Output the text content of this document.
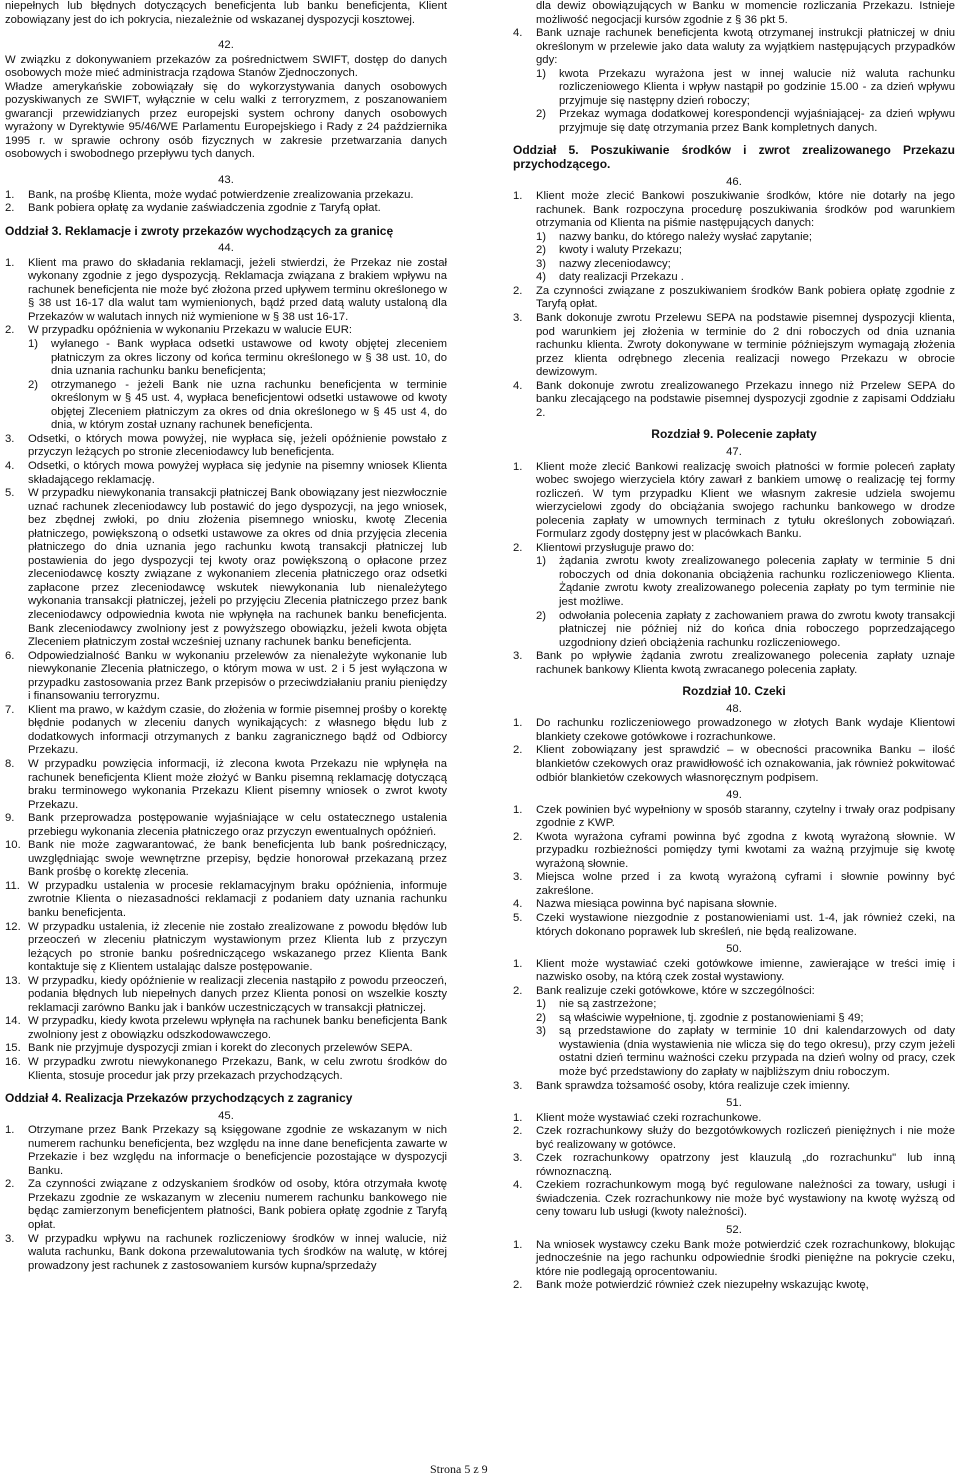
niepełnych lub błędnych dotyczących beneficjenta lub banku beneficjenta, Klient zobowiązany jest do ich pokrycia, niezależnie od wskazanej dyspozycji kosztowej.

42.

W związku z dokonywaniem przekazów za pośrednictwem SWIFT, dostęp do danych osobowych może mieć administracja rządowa Stanów Zjednoczonych.

Władze amerykańskie zobowiązały się do wykorzystywania danych osobowych pozyskiwanych ze SWIFT, wyłącznie w celu walki z terroryzmem, z poszanowaniem gwarancji przewidzianych przez europejski system ochrony danych osobowych wyrażony w Dyrektywie 95/46/WE Parlamentu Europejskiego i Rady z 24 października 1995 r. w sprawie ochrony osób fizycznych w zakresie przetwarzania danych osobowych i swobodnego przepływu tych danych.

43.

1.	Bank, na prośbę Klienta, może wydać potwierdzenie zrealizowania przekazu.
2.	Bank pobiera opłatę za wydanie zaświadczenia zgodnie z Taryfą opłat.

Oddział 3. Reklamacje i zwroty przekazów wychodzących za granicę

44.

1.	Klient ma prawo do składania reklamacji, jeżeli stwierdzi, że Przekaz nie został wykonany zgodnie z jego dyspozycją. Reklamacja związana z brakiem wpływu na rachunek beneficjenta nie może być złożona przed upływem terminu określonego w § 38 ust 16-17 dla walut tam wymienionych, bądź przed datą waluty ustaloną dla Przekazów w walutach innych niż wymienione w § 38 ust 16-17.
2.	W przypadku opóźnienia w wykonaniu Przekazu w walucie EUR:
1)	wyłanego - Bank wypłaca odsetki ustawowe od kwoty objętej zleceniem płatniczym za okres liczony od końca terminu określonego w § 38 ust. 10, do dnia uznania rachunku banku beneficjenta;
2)	otrzymanego - jeżeli Bank nie uzna rachunku beneficjenta w terminie określonym w § 45 ust. 4, wypłaca beneficjentowi odsetki ustawowe od kwoty objętej Zleceniem płatniczym za okres od dnia określonego w § 45 ust 4, do dnia, w którym został uznany rachunek beneficjenta.
3.	Odsetki, o których mowa powyżej, nie wypłaca się, jeżeli opóźnienie powstało z przyczyn leżących po stronie zleceniodawcy lub beneficjenta.
4.	Odsetki, o których mowa powyżej wypłaca się jedynie na pisemny wniosek Klienta składającego reklamację.
5.	W przypadku niewykonania transakcji płatniczej Bank obowiązany jest niezwłocznie uznać rachunek zleceniodawcy lub postawić do jego dyspozycji, na jego wniosek, bez zbędnej zwłoki, po dniu złożenia pisemnego wniosku, kwotę Zlecenia płatniczego, powiększoną o odsetki ustawowe za okres od dnia przyjęcia zlecenia płatniczego do dnia uznania jego rachunku kwotą transakcji płatniczej lub postawienia do jego dyspozycji tej kwoty oraz powiększoną o opłacone przez zleceniodawcę koszty związane z wykonaniem zlecenia płatniczego oraz odsetki zapłacone przez zleceniodawcę wskutek niewykonania lub nienależytego wykonania transakcji płatniczej, jeżeli po przyjęciu Zlecenia płatniczego przez bank zleceniodawcy odpowiednia kwota nie wpłynęła na rachunek banku beneficjenta. Bank zleceniodawcy zwolniony jest z powyższego obowiązku, jeżeli kwota objęta Zleceniem płatniczym został wcześniej uznany rachunek banku beneficjenta.
6.	Odpowiedzialność Banku w wykonaniu przelewów za nienależyte wykonanie lub niewykonanie Zlecenia płatniczego, o którym mowa w ust. 2 i 5 jest wyłączona w przypadku zastosowania przez Bank przepisów o przeciwdziałaniu praniu pieniędzy i finansowaniu terroryzmu.
7.	Klient ma prawo, w każdym czasie, do złożenia w formie pisemnej prośby o korektę błędnie podanych w zleceniu danych wynikających: z własnego błędu lub z dodatkowych informacji otrzymanych z banku zagranicznego bądź od Odbiorcy Przekazu.
8.	W przypadku powzięcia informacji, iż zlecona kwota Przekazu nie wpłynęła na rachunek beneficjenta Klient może złożyć w Banku pisemną reklamację dotyczącą braku terminowego wykonania Przekazu Klient pisemny wniosek o zwrot kwoty Przekazu.
9.	Bank przeprowadza postępowanie wyjaśniające w celu ostatecznego ustalenia przebiegu wykonania zlecenia płatniczego oraz przyczyn ewentualnych opóźnień.
10. Bank nie może zagwarantować, że bank beneficjenta lub bank pośredniczący, uwzględniając swoje wewnętrzne przepisy, będzie honorował przekazaną przez Bank prośbę o korektę zlecenia.
11. W przypadku ustalenia w procesie reklamacyjnym braku opóźnienia, informuje zwrotnie Klienta o niezasadności reklamacji z podaniem daty uznania rachunku banku beneficjenta.
12. W przypadku ustalenia, iż zlecenie nie zostało zrealizowane z powodu błędów lub przeoczeń w zleceniu płatniczym wystawionym przez Klienta lub z przyczyn leżących po stronie banku pośredniczącego wskazanego przez Klienta Bank kontaktuje się z Klientem ustalając dalsze postępowanie.
13. W przypadku, kiedy opóźnienie w realizacji zlecenia nastąpiło z powodu przeoczeń, podania błędnych lub niepełnych danych przez Klienta ponosi on wszelkie koszty reklamacji zarówno Banku jak i banków uczestniczących w transakcji płatniczej.
14. W przypadku, kiedy kwota przelewu wpłynęła na rachunek banku beneficjenta Bank zwolniony jest z obowiązku odszkodowawczego.
15. Bank nie przyjmuje dyspozycji zmian i korekt do zleconych przelewów SEPA.
16. W przypadku zwrotu niewykonanego Przekazu, Bank, w celu zwrotu środków do Klienta, stosuje procedur jak przy przekazach przychodzących.

Oddział 4. Realizacja Przekazów przychodzących z zagranicy

45.

1.	Otrzymane przez Bank Przekazy są księgowane zgodnie ze wskazanym w nich numerem rachunku beneficjenta, bez względu na inne dane beneficjenta zawarte w Przekazie i bez względu na informacje o beneficjencie pozostające w dyspozycji Banku.
2.	Za czynności związane z odzyskaniem środków od osoby, która otrzymała kwotę Przekazu zgodnie ze wskazanym w zleceniu numerem rachunku bankowego nie będąc zamierzonym beneficjentem płatności, Bank pobiera opłatę zgodnie z Taryfą opłat.
3.	W przypadku wpływu na rachunek rozliczeniowy środków w innej walucie, niż waluta rachunku, Bank dokona przewalutowania tych środków na walutę, w której prowadzony jest rachunek z zastosowaniem kursów kupna/sprzedaży

dla dewiz obowiązujących w Banku w momencie rozliczania Przekazu. Istnieje możliwość negocjacji kursów zgodnie z § 36 pkt 5.

4.	Bank uznaje rachunek beneficjenta kwotą otrzymanej instrukcji płatniczej w dniu określonym w przelewie jako data waluty za wyjątkiem następujących przypadków gdy:
1)	kwota Przekazu wyrażona jest w innej walucie niż waluta rachunku rozliczeniowego Klienta i wpływ nastąpił po godzinie 15.00 - za dzień wpływu przyjmuje się następny dzień roboczy;
2)	Przekaz wymaga dodatkowej korespondencji wyjaśniającej- za dzień wpływu przyjmuje się datę otrzymania przez Bank kompletnych danych.

Oddział 5. Poszukiwanie środków i zwrot zrealizowanego Przekazu przychodzącego.

46.

1.	Klient może zlecić Bankowi poszukiwanie środków, które nie dotarły na jego rachunek. Bank rozpoczyna procedurę poszukiwania środków pod warunkiem otrzymania od Klienta na piśmie następujących danych:
1)	nazwy banku, do którego należy wysłać zapytanie;
2)	kwoty i waluty Przekazu;
3)	nazwy zleceniodawcy;
4)	daty realizacji Przekazu .
2.	Za czynności związane z poszukiwaniem środków Bank pobiera opłatę zgodnie z Taryfą opłat.
3.	Bank dokonuje zwrotu Przelewu SEPA na podstawie pisemnej dyspozycji klienta, pod warunkiem jej złożenia w terminie do 2 dni roboczych od dnia uznania rachunku klienta. Zwroty dokonywane w terminie późniejszym wymagają złożenia przez klienta odrębnego zlecenia realizacji nowego Przekazu w obrocie dewizowym.
4.	Bank dokonuje zwrotu zrealizowanego Przekazu innego niż Przelew SEPA do banku zlecającego na podstawie pisemnej dyspozycji zgodnie z zapisami Oddziału 2.

Rozdział 9. Polecenie zapłaty

47.

1.	Klient może zlecić Bankowi realizację swoich płatności w formie poleceń zapłaty wobec swojego wierzyciela który zawarł z bankiem umowę o realizację tej formy rozliczeń. W tym przypadku Klient we własnym zakresie udziela swojemu wierzycielowi zgody do obciążania swojego rachunku bankowego w drodze polecenia zapłaty w umownych terminach z tytułu określonych zobowiązań. Formularz zgody dostępny jest w placówkach Banku.
2.	Klientowi przysługuje prawo do:
1)	żądania zwrotu kwoty zrealizowanego polecenia zapłaty w terminie 5 dni roboczych od dnia dokonania obciążenia rachunku rozliczeniowego Klienta. Żądanie zwrotu kwoty zrealizowanego polecenia zapłaty po tym terminie nie jest możliwe.
2)	odwołania polecenia zapłaty z zachowaniem prawa do zwrotu kwoty transakcji płatniczej nie później niż do końca dnia roboczego poprzedzającego uzgodniony dzień obciążenia rachunku rozliczeniowego.
3.	Bank po wpływie żądania zwrotu zrealizowanego polecenia zapłaty uznaje rachunek bankowy Klienta kwotą zwracanego polecenia zapłaty.

Rozdział 10. Czeki

48.

1.	Do rachunku rozliczeniowego prowadzonego w złotych Bank wydaje Klientowi blankiety czekowe gotówkowe i rozrachunkowe.
2.	Klient zobowiązany jest sprawdzić – w obecności pracownika Banku – ilość blankietów czekowych oraz prawidłowość ich oznakowania, jak również pokwitować odbiór blankietów czekowych własnoręcznym podpisem.

49.

1.	Czek powinien być wypełniony w sposób staranny, czytelny i trwały oraz podpisany zgodnie z KWP.
2.	Kwota wyrażona cyframi powinna być zgodna z kwotą wyrażoną słownie. W przypadku rozbieżności pomiędzy tymi kwotami za ważną przyjmuje się kwotę wyrażoną słownie.
3.	Miejsca wolne przed i za kwotą wyrażoną cyframi i słownie powinny być zakreślone.
4.	Nazwa miesiąca powinna być napisana słownie.
5.	Czeki wystawione niezgodnie z postanowieniami ust. 1-4, jak również czeki, na których dokonano poprawek lub skreśleń, nie będą realizowane.

50.

1.	Klient może wystawiać czeki gotówkowe imienne, zawierające w treści imię i nazwisko osoby, na którą czek został wystawiony.
2.	Bank realizuje czeki gotówkowe, które w szczególności:
1)	nie są zastrzeżone;
2)	są właściwie wypełnione, tj. zgodnie z postanowieniami § 49;
3)	są przedstawione do zapłaty w terminie 10 dni kalendarzowych od daty wystawienia (dnia wystawienia nie wlicza się do tego okresu), przy czym jeżeli ostatni dzień terminu ważności czeku przypada na dzień wolny od pracy, czek może być przedstawiony do zapłaty w najbliższym dniu roboczym.
3.	Bank sprawdza tożsamość osoby, która realizuje czek imienny.

51.

1.	Klient może wystawiać czeki rozrachunkowe.
2.	Czek rozrachunkowy służy do bezgotówkowych rozliczeń pieniężnych i nie może być realizowany w gotówce.
3.	Czek rozrachunkowy opatrzony jest klauzulą „do rozrachunku" lub inną równoznaczną.
4.	Czekiem rozrachunkowym mogą być regulowane należności za towary, usługi i świadczenia. Czek rozrachunkowy nie może być wystawiony na kwotę wyższą od ceny towaru lub usługi (kwoty należności).

52.

1.	Na wniosek wystawcy czeku Bank może potwierdzić czek rozrachunkowy, blokując jednocześnie na jego rachunku odpowiednie środki pieniężne na pokrycie czeku, które nie podlegają oprocentowaniu.
2.	Bank może potwierdzić również czek niezupełny wskazując kwotę,
Strona 5 z 9
